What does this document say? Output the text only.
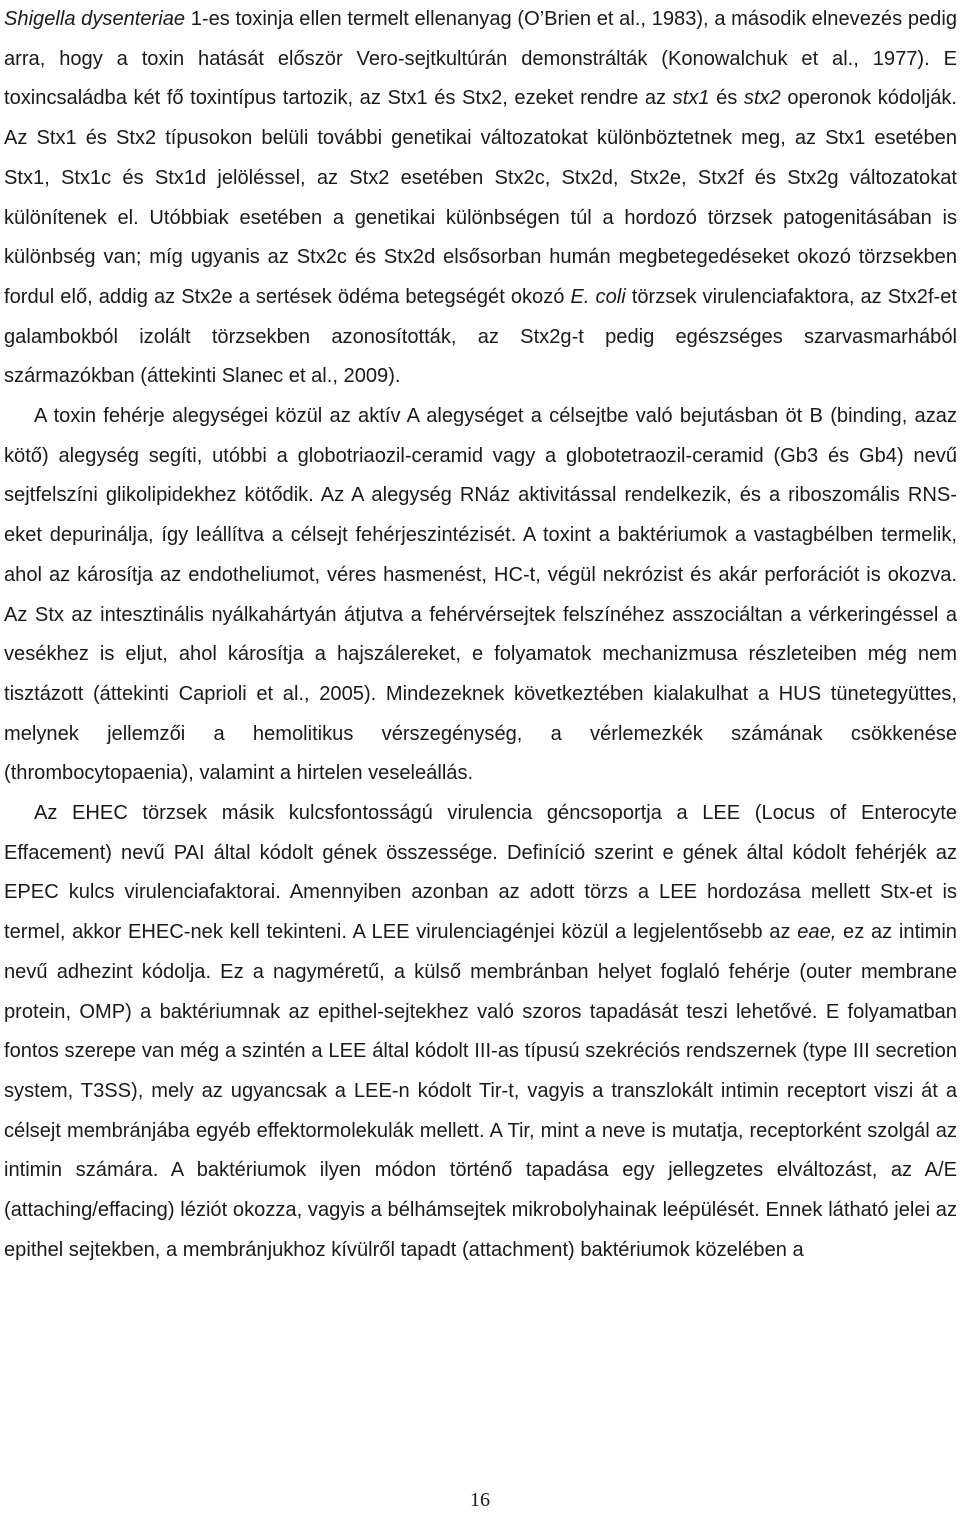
Shigella dysenteriae 1-es toxinja ellen termelt ellenanyag (O’Brien et al., 1983), a második elnevezés pedig arra, hogy a toxin hatását először Vero-sejtkultúrán demonstrálták (Konowalchuk et al., 1977). E toxincsaládba két fő toxintípus tartozik, az Stx1 és Stx2, ezeket rendre az stx1 és stx2 operonok kódolják. Az Stx1 és Stx2 típusokon belüli további genetikai változatokat különböztetnek meg, az Stx1 esetében Stx1, Stx1c és Stx1d jelöléssel, az Stx2 esetében Stx2c, Stx2d, Stx2e, Stx2f és Stx2g változatokat különítenek el. Utóbbiak esetében a genetikai különbségen túl a hordozó törzsek patogenitásában is különbség van; míg ugyanis az Stx2c és Stx2d elsősorban humán megbetegedéseket okozó törzsekben fordul elő, addig az Stx2e a sertések ödéma betegségét okozó E. coli törzsek virulenciafaktora, az Stx2f-et galambokból izolált törzsekben azonosították, az Stx2g-t pedig egészséges szarvasmarhából származókban (áttekinti Slanec et al., 2009).

A toxin fehérje alegységei közül az aktív A alegységet a célsejtbe való bejutásban öt B (binding, azaz kötő) alegység segíti, utóbbi a globotriaozil-ceramid vagy a globotetraozil-ceramid (Gb3 és Gb4) nevű sejtfelszíni glikolipidekhez kötődik. Az A alegység RNáz aktivitással rendelkezik, és a riboszomális RNS-eket depurinálja, így leállítva a célsejt fehérjeszintézisét. A toxint a baktériumok a vastagbélben termelik, ahol az károsítja az endotheliumot, véres hasmenést, HC-t, végül nekrózist és akár perforációt is okozva. Az Stx az intesztinális nyálkahártyán átjutva a fehérvérsejtek felszínéhez asszociáltan a vérkeringéssel a vesékhez is eljut, ahol károsítja a hajszálereket, e folyamatok mechanizmusa részleteiben még nem tisztázott (áttekinti Caprioli et al., 2005). Mindezeknek következtében kialakulhat a HUS tünetegyüttes, melynek jellemzői a hemolitikus vérszegénység, a vérlemezkék számának csökkenése (thrombocytopaenia), valamint a hirtelen veseleállás.

Az EHEC törzsek másik kulcsfontosságú virulencia géncsoportja a LEE (Locus of Enterocyte Effacement) nevű PAI által kódolt gének összessége. Definíció szerint e gének által kódolt fehérjék az EPEC kulcs virulenciafaktorai. Amennyiben azonban az adott törzs a LEE hordozása mellett Stx-et is termel, akkor EHEC-nek kell tekinteni. A LEE virulenciagénjei közül a legjelentősebb az eae, ez az intimin nevű adhezint kódolja. Ez a nagyméretű, a külső membránban helyet foglaló fehérje (outer membrane protein, OMP) a baktériumnak az epithel-sejtekhez való szoros tapadását teszi lehetővé. E folyamatban fontos szerepe van még a szintén a LEE által kódolt III-as típusú szekréciós rendszernek (type III secretion system, T3SS), mely az ugyancsak a LEE-n kódolt Tir-t, vagyis a transzlokált intimin receptort viszi át a célsejt membránjába egyéb effektormolekulák mellett. A Tir, mint a neve is mutatja, receptorként szolgál az intimin számára. A baktériumok ilyen módon történő tapadása egy jellegzetes elváltozást, az A/E (attaching/effacing) léziót okozza, vagyis a bélhámsejtek mikrobolyhainak leépülését. Ennek látható jelei az epithel sejtekben, a membránjukhoz kívülről tapadt (attachment) baktériumok közelében a

16
